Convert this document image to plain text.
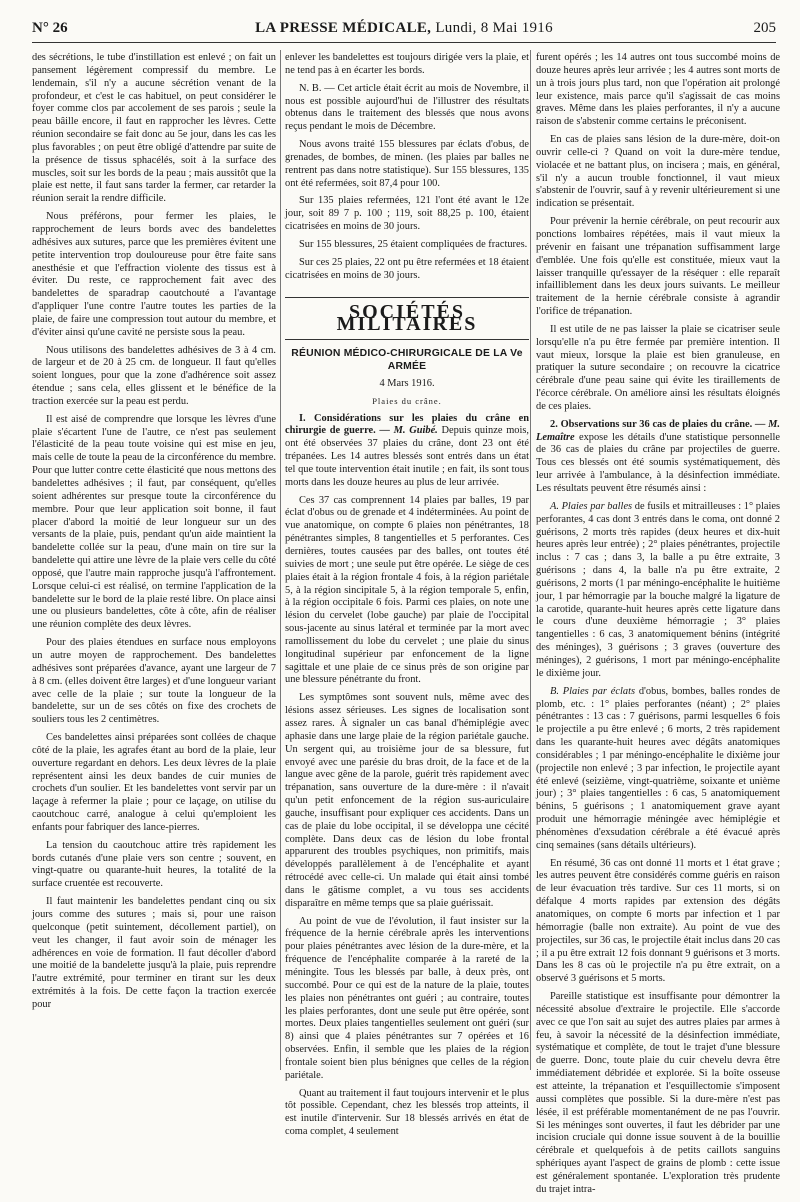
N° 26	LA PRESSE MÉDICALE, Lundi, 8 Mai 1916	205

des sécrétions, le tube d'instillation est enlevé ; on fait un pansement légèrement compressif du membre. Le lendemain, s'il n'y a aucune sécrétion venant de la profondeur, et c'est le cas habituel, on peut considérer le foyer comme clos par accolement de ses parois ; seule la peau bâille encore, il faut en rapprocher les lèvres. Cette réunion secondaire se fait donc au 5e jour, dans les cas les plus favorables ; on peut être obligé d'attendre par suite de la présence de tissus sphacélés, soit à la surface des muscles, soit sur les bords de la peau ; mais aussitôt que la plaie est nette, il faut sans tarder la fermer, car retarder la réunion serait la rendre difficile.

Nous préférons, pour fermer les plaies, le rapprochement de leurs bords avec des bandelettes adhésives aux sutures, parce que les premières évitent une petite intervention trop douloureuse pour être faite sans anesthésie et que l'effraction violente des tissus est à éviter. Du reste, ce rapprochement fait avec des bandelettes de sparadrap caoutchouté a l'avantage d'appliquer l'une contre l'autre toutes les parties de la plaie, de faire une compression tout autour du membre, et d'éviter ainsi qu'une cavité ne persiste sous la peau.

Nous utilisons des bandelettes adhésives de 3 à 4 cm. de largeur et de 20 à 25 cm. de longueur. Il faut qu'elles soient longues, pour que la zone d'adhérence soit assez étendue ; sans cela, elles glissent et le bénéfice de la traction exercée sur la peau est perdu.

Il est aisé de comprendre que lorsque les lèvres d'une plaie s'écartent l'une de l'autre, ce n'est pas seulement l'élasticité de la peau toute voisine qui est mise en jeu, mais celle de toute la peau de la circonférence du membre. Pour que lutter contre cette élasticité que nous mettons des bandelettes adhésives ; il faut, par conséquent, qu'elles soient adhérentes sur presque toute la circonférence du membre. Pour que leur application soit bonne, il faut placer d'abord la moitié de leur longueur sur un des versants de la plaie, puis, pendant qu'un aide maintient la bandelette collée sur la peau, d'une main on tire sur la bandelette qui attire une lèvre de la plaie vers celle du côté opposé, que l'autre main rapproche jusqu'à l'affrontement. Lorsque celui-ci est réalisé, on termine l'application de la bandelette sur le bord de la plaie resté libre. On place ainsi une ou plusieurs bandelettes, côte à côte, afin de réaliser une réunion complète des deux lèvres.

Pour des plaies étendues en surface nous employons un autre moyen de rapprochement. Des bandelettes adhésives sont préparées d'avance, ayant une largeur de 7 à 8 cm. (elles doivent être larges) et d'une longueur variant avec celle de la plaie ; sur toute la longueur de la bandelette, sur un de ses côtés on fixe des crochets de souliers tous les 2 centimètres.

Ces bandelettes ainsi préparées sont collées de chaque côté de la plaie, les agrafes étant au bord de la plaie, leur ouverture regardant en dehors. Les deux lèvres de la plaie représentent ainsi les deux bandes de cuir munies de crochets d'un soulier. Et les bandelettes vont servir par un laçage à refermer la plaie ; pour ce laçage, on utilise du caoutchouc carré, analogue à celui qu'emploient les enfants pour fabriquer des lance-pierres.

La tension du caoutchouc attire très rapidement les bords cutanés d'une plaie vers son centre ; souvent, en vingt-quatre ou quarante-huit heures, la totalité de la surface cruentée est recouverte.

Il faut maintenir les bandelettes pendant cinq ou six jours comme des sutures ; mais si, pour une raison quelconque (petit suintement, décollement partiel), on veut les changer, il faut avoir soin de ménager les adhérences en voie de formation. Il faut décoller d'abord une moitié de la bandelette jusqu'à la plaie, puis reprendre l'autre extrémité, pour terminer en tirant sur les deux extrémités à la fois. De cette façon la traction exercée pour

enlever les bandelettes est toujours dirigée vers la plaie, et ne tend pas à en écarter les bords.

N. B. — Cet article était écrit au mois de Novembre, il nous est possible aujourd'hui de l'illustrer des résultats obtenus dans le traitement des blessés que nous avons reçus pendant le mois de Décembre.

Nous avons traité 155 blessures par éclats d'obus, de grenades, de bombes, de minen. (les plaies par balles ne rentrent pas dans notre statistique). Sur 155 blessures, 135 ont été refermées, soit 87,4 pour 100.

Sur 135 plaies refermées, 121 l'ont été avant le 12e jour, soit 89 7 p. 100 ; 119, soit 88,25 p. 100, étaient cicatrisées en moins de 30 jours.

Sur 155 blessures, 25 étaient compliquées de fractures.

Sur ces 25 plaies, 22 ont pu être refermées et 18 étaient cicatrisées en moins de 30 jours.

SOCIÉTÉS MILITAIRES
RÉUNION MÉDICO-CHIRURGICALE DE LA Ve ARMÉE
4 Mars 1916.
Plaies du crâne.

I. Considérations sur les plaies du crâne en chirurgie de guerre. — M. Guibé. Depuis quinze mois, ont été observées 37 plaies du crâne, dont 23 ont été trépanées. Les 14 autres blessés sont entrés dans un état tel que toute intervention était inutile ; en fait, ils sont tous morts dans les douze heures au plus de leur arrivée.

Ces 37 cas comprennent 14 plaies par balles, 19 par éclat d'obus ou de grenade et 4 indéterminées. Au point de vue anatomique, on compte 6 plaies non pénétrantes, 18 pénétrantes simples, 8 tangentielles et 5 perforantes. Ces dernières, toutes causées par des balles, ont toutes été suivies de mort ; une seule put être opérée. Le siège de ces plaies était à la région frontale 4 fois, à la région pariétale 5, à la région sincipitale 5, à la région temporale 5, enfin, à la région occipitale 6 fois. Parmi ces plaies, on note une lésion du cervelet (lobe gauche) par plaie de l'occipital sous-jacente au sinus latéral et terminée par la mort avec ramollissement du lobe du cervelet ; une plaie du sinus longitudinal supérieur par enfoncement de la ligne sagittale et une plaie de ce sinus près de son origine par une blessure pénétrante du front.

Les symptômes sont souvent nuls, même avec des lésions assez sérieuses. Les signes de localisation sont assez rares. À signaler un cas banal d'hémiplégie avec aphasie dans une large plaie de la région pariétale gauche. Un sergent qui, au troisième jour de sa blessure, fut envoyé avec une parésie du bras droit, de la face et de la langue avec gêne de la parole, guérit très rapidement avec trépanation, sans ouverture de la dure-mère : il n'avait qu'un petit enfoncement de la région sus-auriculaire gauche, insuffisant pour expliquer ces accidents. Dans un cas de plaie du lobe occipital, il se développa une cécité complète. Dans deux cas de lésion du lobe frontal apparurent des troubles psychiques, non primitifs, mais développés parallèlement à de l'encéphalite et ayant rétrocédé avec celle-ci. Un malade qui était ainsi tombé dans le gâtisme complet, a vu tous ses accidents disparaître en même temps que sa plaie guérissait.

Au point de vue de l'évolution, il faut insister sur la fréquence de la hernie cérébrale après les interventions pour plaies pénétrantes avec lésion de la dure-mère, et la fréquence de l'encéphalite comparée à la rareté de la méningite. Tous les blessés par balle, à deux près, ont succombé. Pour ce qui est de la nature de la plaie, toutes les plaies non pénétrantes ont guéri ; au contraire, toutes les plaies perforantes, dont une seule put être opérée, sont mortes. Deux plaies tangentielles seulement ont guéri (sur 8) ainsi que 4 plaies pénétrantes sur 7 opérées et 16 observées. Enfin, il semble que les plaies de la région frontale soient bien plus bénignes que celles de la région pariétale.

Quant au traitement il faut toujours intervenir et le plus tôt possible. Cependant, chez les blessés trop atteints, il est inutile d'intervenir. Sur 18 blessés arrivés en état de coma complet, 4 seulement

furent opérés ; les 14 autres ont tous succombé moins de douze heures après leur arrivée ; les 4 autres sont morts de un à trois jours plus tard, non que l'opération ait prolongé leur existence, mais parce qu'il s'agissait de cas moins graves. Même dans les plaies perforantes, il n'y a aucune raison de s'abstenir comme certains le préconisent.

En cas de plaies sans lésion de la dure-mère, doit-on ouvrir celle-ci ? Quand on voit la dure-mère tendue, violacée et ne battant plus, on incisera ; mais, en général, s'il n'y a aucun trouble fonctionnel, il vaut mieux s'abstenir de l'ouvrir, sauf à y revenir ultérieurement si une indication se présentait.

Pour prévenir la hernie cérébrale, on peut recourir aux ponctions lombaires répétées, mais il vaut mieux la prévenir en faisant une trépanation suffisamment large d'emblée. Une fois qu'elle est constituée, mieux vaut la laisser tranquille qu'essayer de la réséquer : elle reparaît infailliblement dans les deux jours suivants. Le meilleur traitement de la hernie cérébrale consiste à agrandir l'orifice de trépanation.

Il est utile de ne pas laisser la plaie se cicatriser seule lorsqu'elle n'a pu être fermée par première intention. Il vaut mieux, lorsque la plaie est bien granuleuse, en pratiquer la suture secondaire ; on recouvre la cicatrice cérébrale d'une peau saine qui évite les tiraillements de l'écorce cérébrale. On améliore ainsi les résultats éloignés de ces plaies.

2. Observations sur 36 cas de plaies du crâne. — M. Lemaître expose les détails d'une statistique personnelle de 36 cas de plaies du crâne par projectiles de guerre. Tous ces blessés ont été soumis systématiquement, dès leur arrivée à l'ambulance, à la désinfection immédiate. Les résultats peuvent être résumés ainsi :

A. Plaies par balles de fusils et mitrailleuses : 1° plaies perforantes, 4 cas dont 3 entrés dans le coma, ont donné 2 guérisons, 2 morts très rapides (deux heures et dix-huit heures après leur entrée) ; 2° plaies pénétrantes, projectile inclus : 7 cas ; dans 3, la balle a pu être extraite, 3 guérisons ; dans 4, la balle n'a pu être extraite, 2 guérisons, 2 morts (1 par méningo-encéphalite le huitième jour, 1 par hémorragie par la bouche malgré la ligature de la carotide, quarante-huit heures après cette ligature dans le cours d'une deuxième hémorragie ; 3° plaies tangentielles : 6 cas, 3 anatomiquement bénins (intégrité des méninges), 3 guérisons ; 3 graves (ouverture des méninges), 2 guérisons, 1 mort par méningo-encéphalite le dixième jour.

B. Plaies par éclats d'obus, bombes, balles rondes de plomb, etc. : 1° plaies perforantes (néant) ; 2° plaies pénétrantes : 13 cas : 7 guérisons, parmi lesquelles 6 fois le projectile a pu être enlevé ; 6 morts, 2 très rapidement dans les quarante-huit heures avec dégâts anatomiques considérables ; 1 par méningo-encéphalite le dixième jour (projectile non enlevé ; 3 par infection, le projectile ayant été enlevé (seizième, vingt-quatrième, soixante et unième jour) ; 3° plaies tangentielles : 6 cas, 5 anatomiquement bénins, 5 guérisons ; 1 anatomiquement grave ayant produit une hémorragie méningée avec hémiplégie et phénomènes d'exsudation cérébrale a été évacué après cinq semaines (sans détails ultérieurs).

En résumé, 36 cas ont donné 11 morts et 1 état grave ; les autres peuvent être considérés comme guéris en raison de leur évacuation très tardive. Sur ces 11 morts, si on défalque 4 morts rapides par extension des dégâts anatomiques, on compte 6 morts par infection et 1 par hémorragie (balle non extraite). Au point de vue des projectiles, sur 36 cas, le projectile était inclus dans 20 cas ; il a pu être extrait 12 fois donnant 9 guérisons et 3 morts. Dans les 8 cas où le projectile n'a pu être extrait, on a observé 3 guérisons et 5 morts.

Pareille statistique est insuffisante pour démontrer la nécessité absolue d'extraire le projectile. Elle s'accorde avec ce que l'on sait au sujet des autres plaies par armes à feu, à savoir la nécessité de la désinfection immédiate, systématique et complète, de tout le trajet d'une blessure de guerre. Donc, toute plaie du cuir chevelu devra être immédiatement débridée et explorée. Si la boîte osseuse est atteinte, la trépanation et l'esquillectomie s'imposent aussi complètes que possible. Si la dure-mère n'est pas lésée, il est préférable momentanément de ne pas l'ouvrir. Si les méninges sont ouvertes, il faut les débrider par une incision cruciale qui donne issue souvent à de la bouillie cérébrale et quelquefois à de petits caillots sanguins sphériques ayant l'aspect de grains de plomb : cette issue est généralement spontanée. L'exploration très prudente du trajet intra-
